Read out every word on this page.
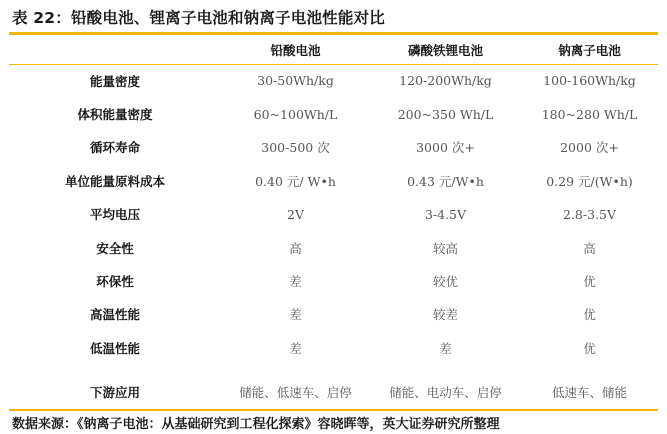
表 22：铅酸电池、锂离子电池和钠离子电池性能对比
	铅酸电池	磷酸铁锂电池	钠离子电池
能量密度	30-50Wh/kg	120-200Wh/kg	100-160Wh/kg
体积能量密度	60~100Wh/L	200~350 Wh/L	180~280 Wh/L
循环寿命	300-500 次	3000 次+	2000 次+
单位能量原料成本	0.40 元/ W•h	0.43 元/W•h	0.29 元/(W•h)
平均电压	2V	3-4.5V	2.8-3.5V
安全性	高	较高	高
环保性	差	较优	优
高温性能	差	较差	优
低温性能	差	差	优
下游应用	储能、低速车、启停	储能、电动车、启停	低速车、储能
数据来源：《钠离子电池：从基础研究到工程化探索》容晓晖等，英大证券研究所整理
